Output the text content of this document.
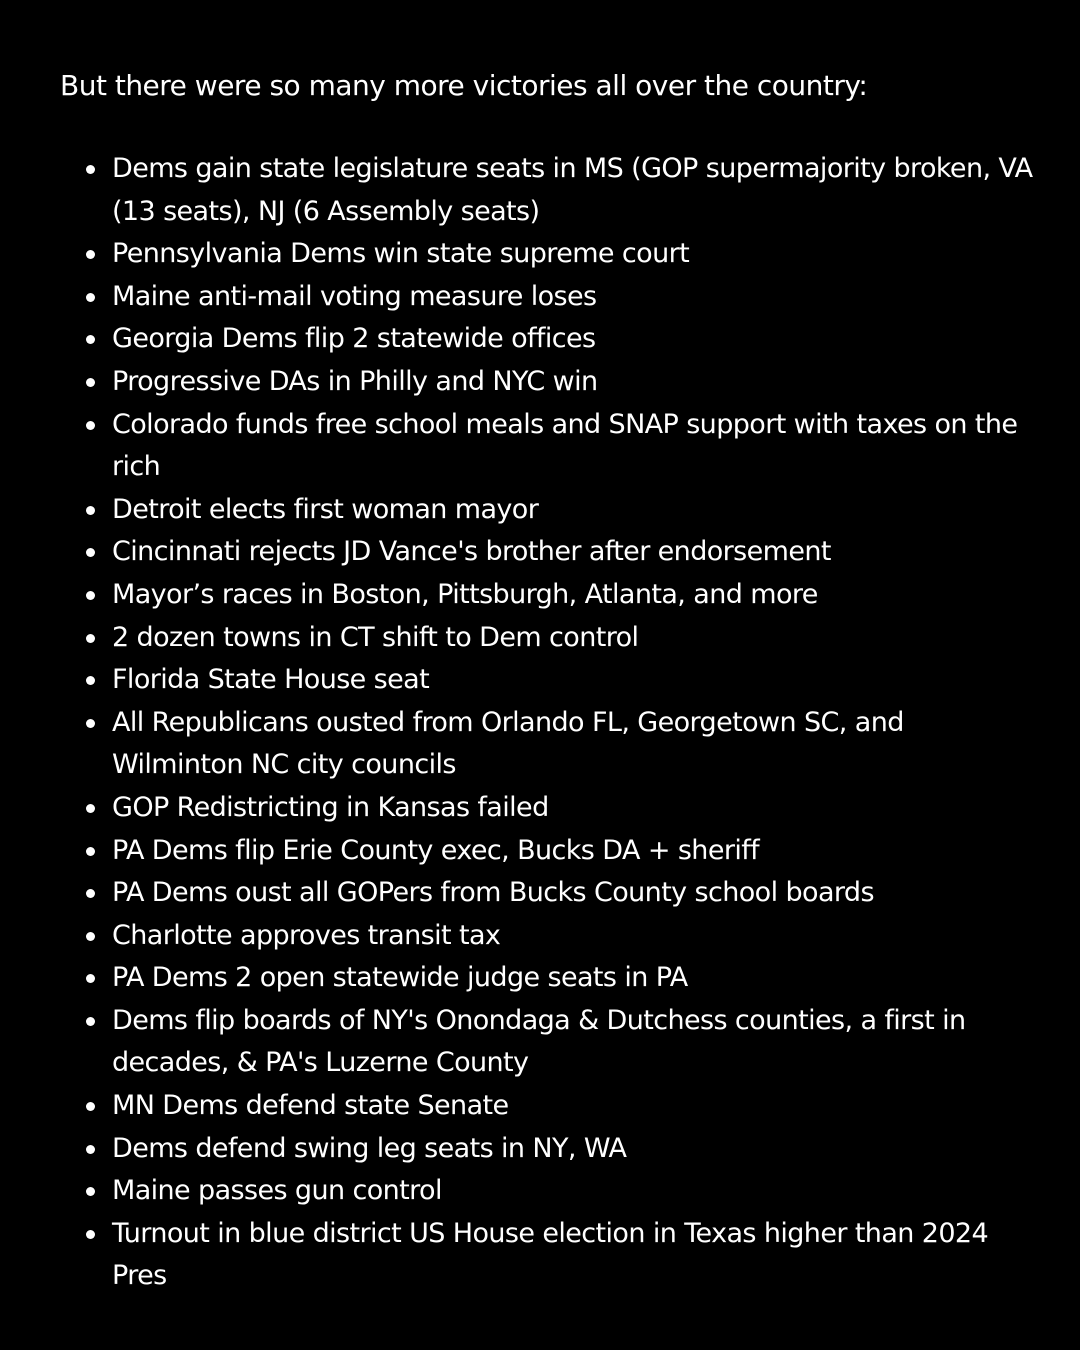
But there were so many more victories all over the country:

Dems gain state legislature seats in MS (GOP supermajority broken, VA (13 seats), NJ (6 Assembly seats)
Pennsylvania Dems win state supreme court
Maine anti-mail voting measure loses
Georgia Dems flip 2 statewide offices
Progressive DAs in Philly and NYC win
Colorado funds free school meals and SNAP support with taxes on the rich
Detroit elects first woman mayor
Cincinnati rejects JD Vance's brother after endorsement
Mayor’s races in Boston, Pittsburgh, Atlanta, and more
2 dozen towns in CT shift to Dem control
Florida State House seat
All Republicans ousted from Orlando FL, Georgetown SC, and Wilminton NC city councils
GOP Redistricting in Kansas failed
PA Dems flip Erie County exec, Bucks DA + sheriff
PA Dems oust all GOPers from Bucks County school boards
Charlotte approves transit tax
PA Dems 2 open statewide judge seats in PA
Dems flip boards of NY's Onondaga & Dutchess counties, a first in decades, & PA's Luzerne County
MN Dems defend state Senate
Dems defend swing leg seats in NY, WA
Maine passes gun control
Turnout in blue district US House election in Texas higher than 2024 Pres
